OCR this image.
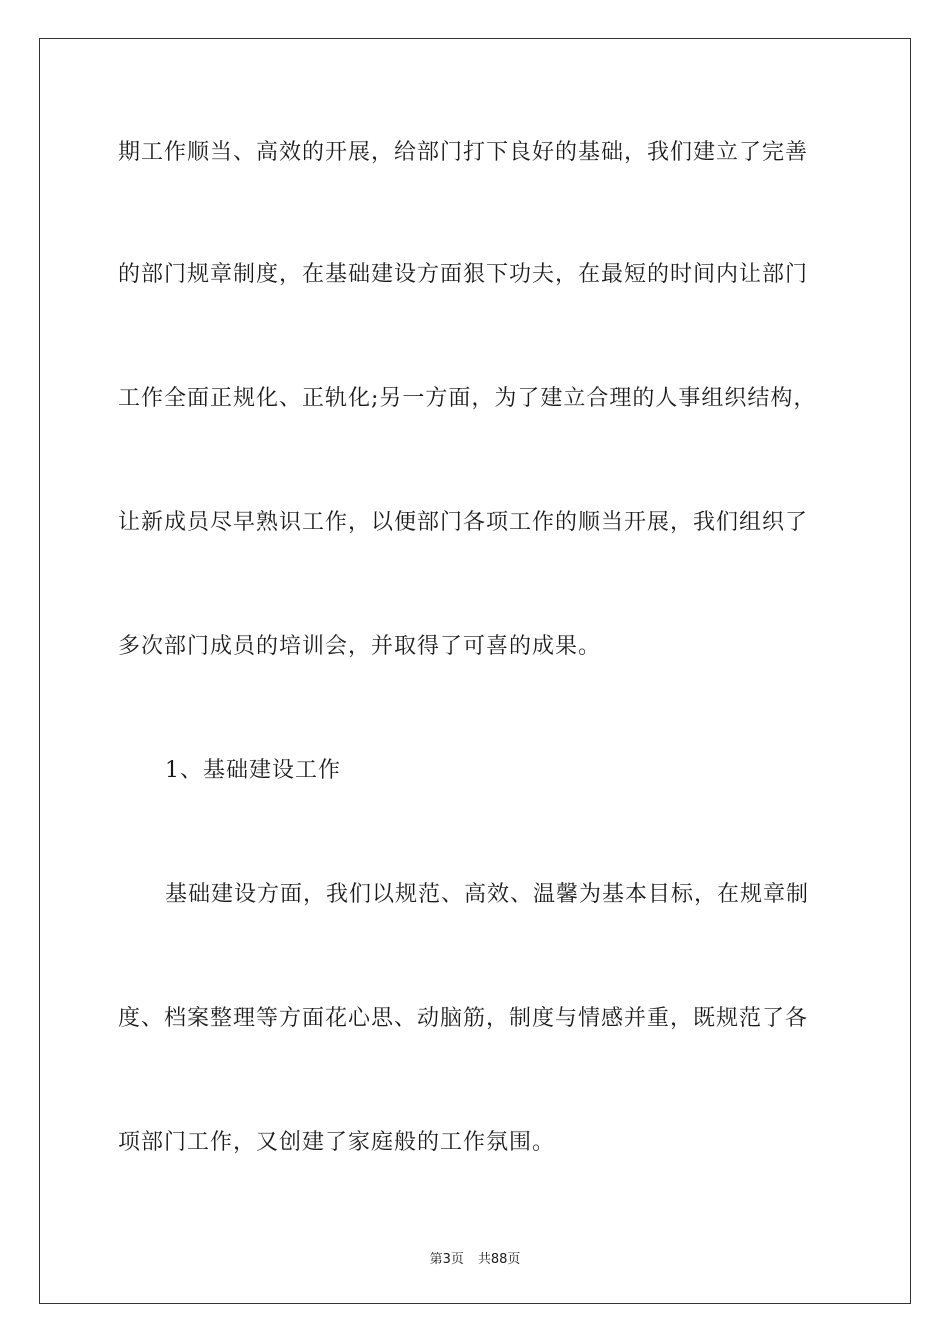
期工作顺当、高效的开展，给部门打下良好的基础，我们建立了完善
的部门规章制度，在基础建设方面狠下功夫，在最短的时间内让部门
工作全面正规化、正轨化;另一方面，为了建立合理的人事组织结构，
让新成员尽早熟识工作，以便部门各项工作的顺当开展，我们组织了
多次部门成员的培训会，并取得了可喜的成果。
1、基础建设工作
基础建设方面，我们以规范、高效、温馨为基本目标，在规章制
度、档案整理等方面花心思、动脑筋，制度与情感并重，既规范了各
项部门工作，又创建了家庭般的工作氛围。
第3页 共88页
